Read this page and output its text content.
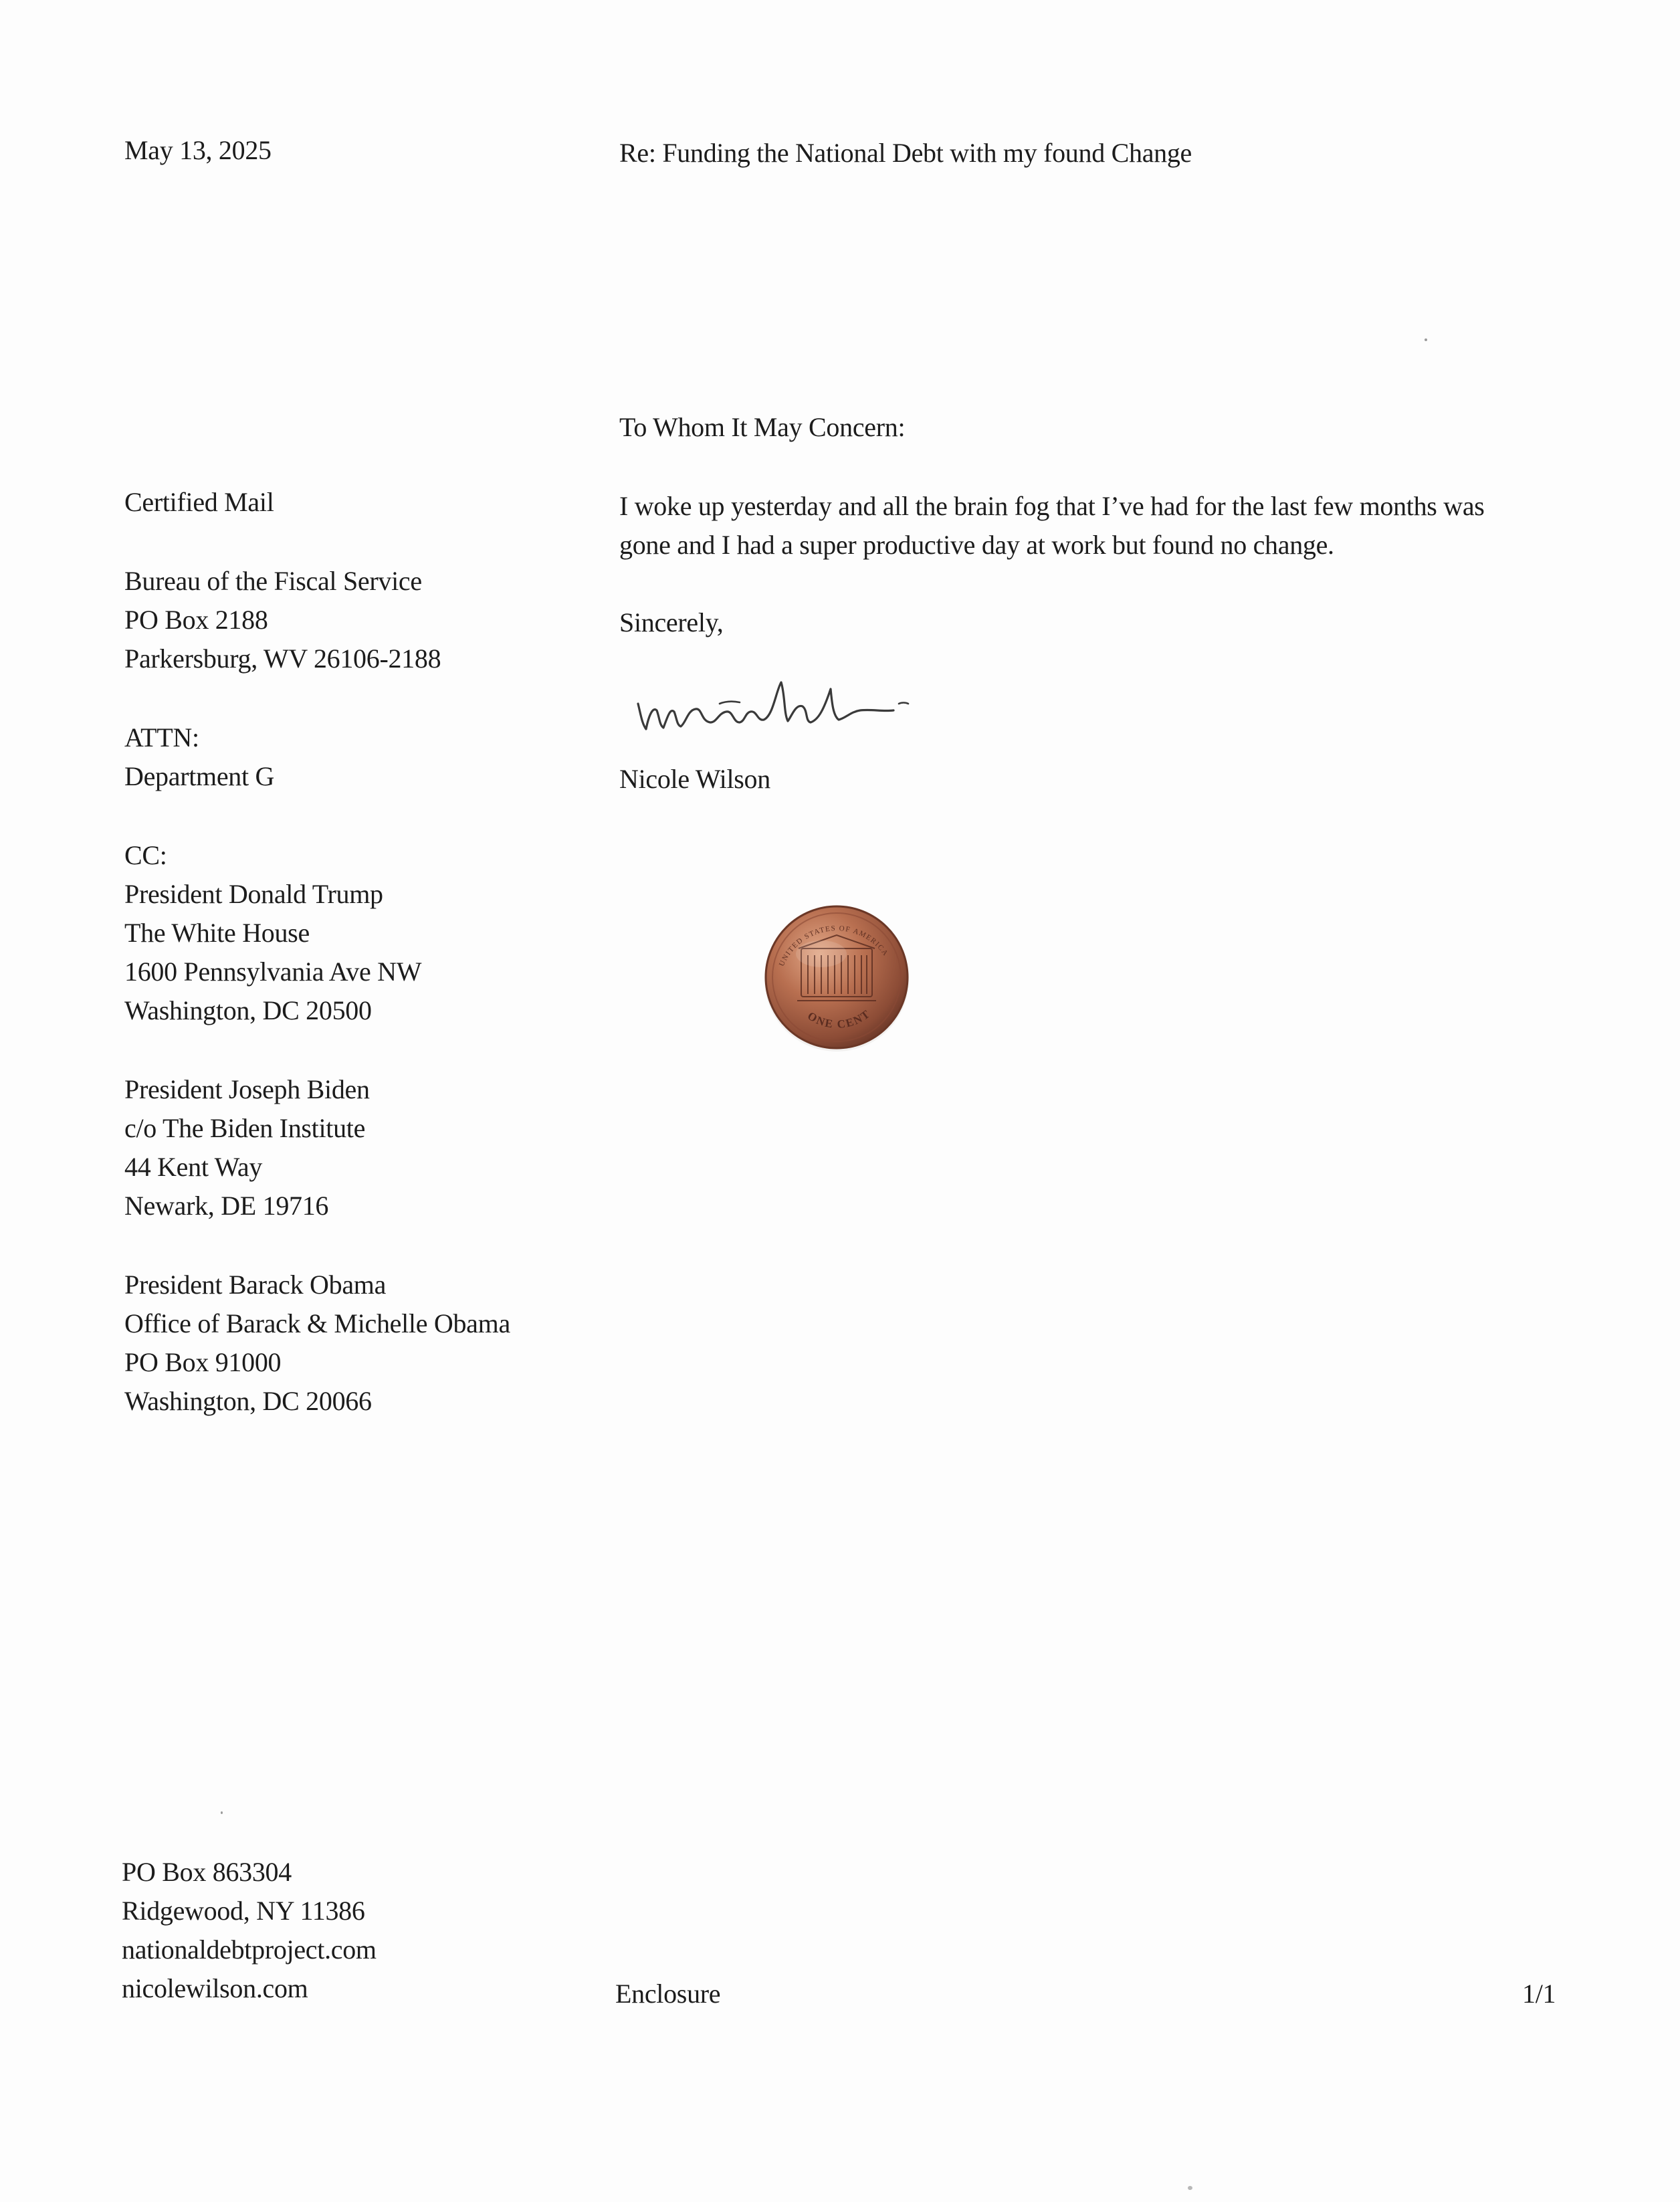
May 13, 2025	Re: Funding the National Debt with my found Change
To Whom It May Concern:
Certified Mail
Bureau of the Fiscal Service
PO Box 2188
Parkersburg, WV 26106-2188
ATTN:
Department G
CC:
President Donald Trump
The White House
1600 Pennsylvania Ave NW
Washington, DC 20500
President Joseph Biden
c/o The Biden Institute
44 Kent Way
Newark, DE 19716
President Barack Obama
Office of Barack & Michelle Obama
PO Box 91000
Washington, DC 20066
I woke up yesterday and all the brain fog that I’ve had for the last few months was
gone and I had a super productive day at work but found no change.
Sincerely,
Nicole Wilson
UNITED STATES OF AMERICA
ONE CENT
PO Box 863304
Ridgewood, NY 11386
nationaldebtproject.com
nicolewilson.com	Enclosure	1/1
